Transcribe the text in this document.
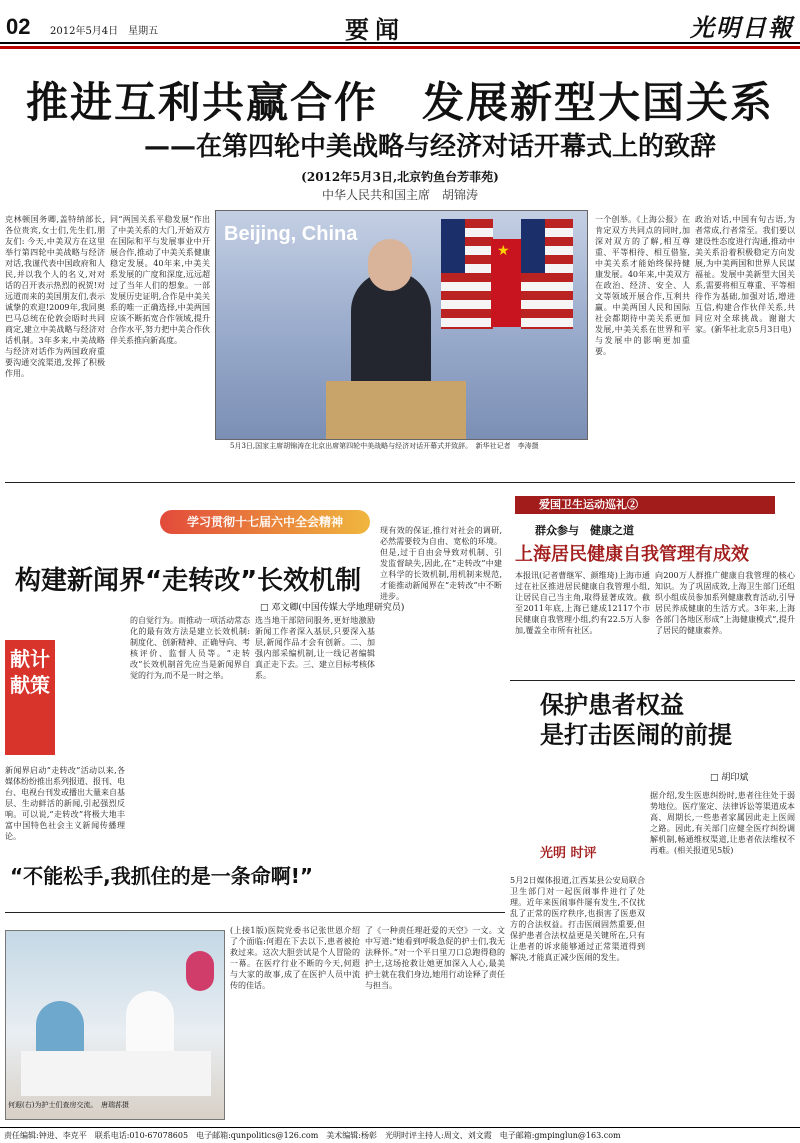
02 2012年5月4日　星期五	要闻	光明日報
推进互利共赢合作　发展新型大国关系
——在第四轮中美战略与经济对话开幕式上的致辞
(2012年5月3日,北京钓鱼台芳菲苑)
中华人民共和国主席　胡锦涛
克林顿国务卿,盖特纳部长,各位贵宾,女士们,先生们,朋友们: 今天,中美双方在这里举行第四轮中美战略与经济对话,我谨代表中国政府和人民,并以我个人的名义,对对话的召开表示热烈的祝贺!对远道而来的美国朋友们,表示诚挚的欢迎!2009年,我同奥巴马总统在伦敦会晤时共同商定,建立中美战略与经济对话机制。3年多来,中美战略与经济对话作为两国政府重要沟通交流渠道,发挥了积极作用。
同“两国关系平稳发展”作出了中美关系的大门,开始双方在国际和平与发展事业中开展合作,推动了中美关系健康稳定发展。40年来,中美关系发展的广度和深度,远远超过了当年人们的想象。一部发展历史证明,合作是中美关系的唯一正确选择,中美两国应该不断拓宽合作领域,提升合作水平,努力把中美合作伙伴关系推向新高度。
一个创举。《上海公报》在肯定双方共同点的同时,加深对双方的了解,相互尊重、平等相待、相互借鉴,中美关系才能始终保持健康发展。40年来,中美双方在政治、经济、安全、人文等领域开展合作,互利共赢。中美两国人民和国际社会都期待中美关系更加发展,中美关系在世界和平与发展中的影响更加重要。
政治对话,中国有句古语,为者常成,行者常至。我们要以建设性态度进行沟通,推动中美关系沿着积极稳定方向发展,为中美两国和世界人民谋福祉。发展中美新型大国关系,需要将相互尊重、平等相待作为基础,加强对话,增进互信,构建合作伙伴关系,共同应对全球挑战。谢谢大家。(新华社北京5月3日电)
Beijing, China
★
5月3日,国家主席胡锦涛在北京出席第四轮中美战略与经济对话开幕式并致辞。　新华社记者　李涛摄
学习贯彻十七届六中全会精神
构建新闻界“走转改”长效机制
□ 邓文卿(中国传媒大学地理研究员)
献计献策
新闻界启动“走转改”活动以来,各媒体纷纷推出系列报道、报刊、电台、电视台刊发或播出大量来自基层、生动鲜活的新闻,引起强烈反响。可以说,“走转改”将极大地丰富中国特色社会主义新闻传播理论。
的自觉行为。而推动一项活动常态化的最有效方法是建立长效机制:制度化、创新精神、正确导向、考核评价、监督人员等。“走转改”长效机制首先应当是新闻界自觉的行为,而不是一时之举。
选当地干部陪同服务,更好地激励新闻工作者深入基层,只要深入基层,新闻作品才会有创新。二、加强内部采编机制,让一线记者编辑真正走下去。三、建立目标考核体系。
现有效的保证,推行对社会的调研,必然需要较为自由、宽松的环境。但是,过于自由会导致对机制、引发监督缺失,因此,在“走转改”中建立科学的长效机制,用机制来规范,才能推动新闻界在“走转改”中不断进步。
爱国卫生运动巡礼②
群众参与　健康之道
上海居民健康自我管理有成效
本报讯(记者曹继军、颜维琦)上海市通过在社区推进居民健康自我管理小组,让居民自己当主角,取得显著成效。截至2011年底,上海已建成12117个市民健康自我管理小组,约有22.5万人参加,覆盖全市所有社区。
向200万人群推广健康自我管理的核心知识。为了巩固成效,上海卫生部门还组织小组成员参加系列健康教育活动,引导居民养成健康的生活方式。3年来,上海各部门各地区形成“上海健康模式”,提升了居民的健康素养。
保护患者权益
是打击医闹的前提
□ 胡印斌
光明 时评
5月2日媒体报道,江西某县公安局联合卫生部门对一起医闹事件进行了处理。近年来医闹事件屡有发生,不仅扰乱了正常的医疗秩序,也损害了医患双方的合法权益。打击医闹固然重要,但保护患者合法权益更是关键所在,只有让患者的诉求能够通过正常渠道得到解决,才能真正减少医闹的发生。
据介绍,发生医患纠纷时,患者往往处于弱势地位。医疗鉴定、法律诉讼等渠道成本高、周期长,一些患者家属因此走上医闹之路。因此,有关部门应健全医疗纠纷调解机制,畅通维权渠道,让患者依法维权不再难。(相关报道见5版)
“不能松手,我抓住的是一条命啊!”
何遐(右)为护士们查房交流。　唐瑞荪摄
(上接1版)医院党委书记张世恩介绍了个面临:何遐在下去以下,患者被抢救过来。这次大胆尝试是个人冒险的一幕。在医疗行业不断的今天,何遐与大家的故事,成了在医护人员中流传的佳话。
了《一种责任理赶爱的天空》一文。文中写道:“她看到呼吸急促的护士们,我无法释怀。”对一个平日里刀口总跑得稳的护士,这场抢救让她更加深入人心,最美护士就在我们身边,她用行动诠释了责任与担当。
责任编辑:钟进、李克平　联系电话:010-67078605　电子邮箱:qunpolitics@126.com　美术编辑:杨彰　光明时评主持人:周文、刘文霞　电子邮箱:gmpinglun@163.com
